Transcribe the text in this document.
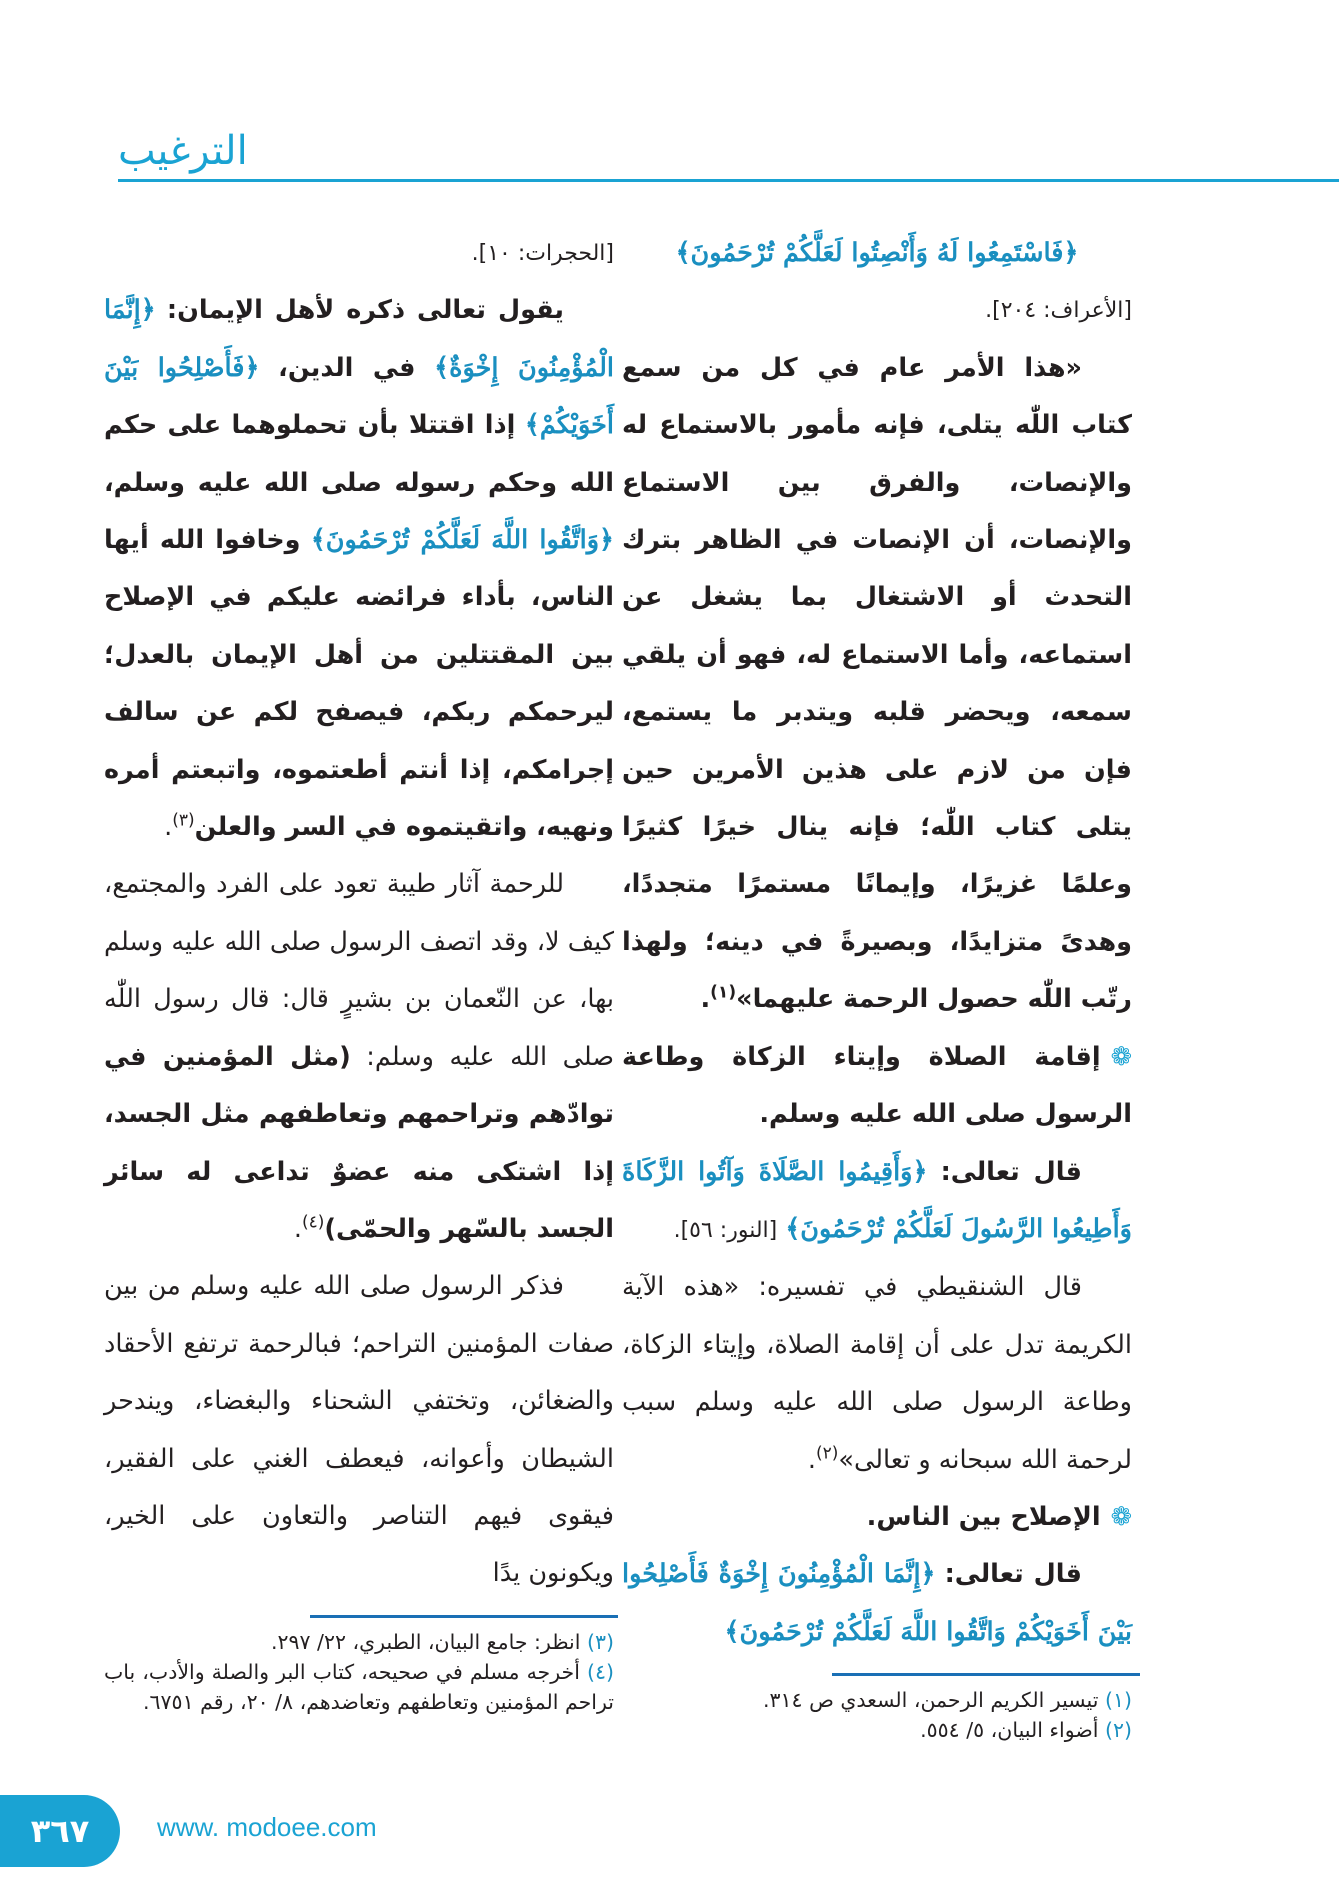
الترغيب

﴿فَاسْتَمِعُوا لَهُ وَأَنْصِتُوا لَعَلَّكُمْ تُرْحَمُونَ﴾

[الأعراف: ٢٠٤].

«هذا الأمر عام في كل من سمع كتاب اللّٰه يتلى، فإنه مأمور بالاستماع له والإنصات، والفرق بين الاستماع والإنصات، أن الإنصات في الظاهر بترك التحدث أو الاشتغال بما يشغل عن استماعه، وأما الاستماع له، فهو أن يلقي سمعه، ويحضر قلبه ويتدبر ما يستمع، فإن من لازم على هذين الأمرين حين يتلى كتاب اللّٰه؛ فإنه ينال خيرًا كثيرًا وعلمًا غزيرًا، وإيمانًا مستمرًا متجددًا، وهدىً متزايدًا، وبصيرةً في دينه؛ ولهذا رتّب اللّٰه حصول الرحمة عليهما»$^{(١)}$.

❁إقامة الصلاة وإيتاء الزكاة وطاعة الرسول صلى الله عليه وسلم.

قال تعالى: ﴿وَأَقِيمُوا الصَّلَاةَ وَآتُوا الزَّكَاةَ وَأَطِيعُوا الرَّسُولَ لَعَلَّكُمْ تُرْحَمُونَ﴾ [النور: ٥٦].

قال الشنقيطي في تفسيره: «هذه الآية الكريمة تدل على أن إقامة الصلاة، وإيتاء الزكاة، وطاعة الرسول صلى الله عليه وسلم سبب لرحمة الله سبحانه و تعالى»$^{(٢)}$.

❁الإصلاح بين الناس.

قال تعالى: ﴿إِنَّمَا الْمُؤْمِنُونَ إِخْوَةٌ فَأَصْلِحُوا بَيْنَ أَخَوَيْكُمْ وَاتَّقُوا اللَّهَ لَعَلَّكُمْ تُرْحَمُونَ﴾

[الحجرات: ١٠].

يقول تعالى ذكره لأهل الإيمان: ﴿إِنَّمَا الْمُؤْمِنُونَ إِخْوَةٌ﴾ في الدين، ﴿فَأَصْلِحُوا بَيْنَ أَخَوَيْكُمْ﴾ إذا اقتتلا بأن تحملوهما على حكم الله وحكم رسوله صلى الله عليه وسلم، ﴿وَاتَّقُوا اللَّهَ لَعَلَّكُمْ تُرْحَمُونَ﴾ وخافوا الله أيها الناس، بأداء فرائضه عليكم في الإصلاح بين المقتتلين من أهل الإيمان بالعدل؛ ليرحمكم ربكم، فيصفح لكم عن سالف إجرامكم، إذا أنتم أطعتموه، واتبعتم أمره ونهيه، واتقيتموه في السر والعلن$^{(٣)}$.

للرحمة آثار طيبة تعود على الفرد والمجتمع، كيف لا، وقد اتصف الرسول صلى الله عليه وسلم بها، عن النّعمان بن بشيرٍ قال: قال رسول اللّٰه صلى الله عليه وسلم: (مثل المؤمنين في توادّهم وتراحمهم وتعاطفهم مثل الجسد، إذا اشتكى منه عضوٌ تداعى له سائر الجسد بالسّهر والحمّى)$^{(٤)}$.

فذكر الرسول صلى الله عليه وسلم من بين صفات المؤمنين التراحم؛ فبالرحمة ترتفع الأحقاد والضغائن، وتختفي الشحناء والبغضاء، ويندحر الشيطان وأعوانه، فيعطف الغني على الفقير، فيقوى فيهم التناصر والتعاون على الخير، ويكونون يدًا

(١) تيسير الكريم الرحمن، السعدي ص ٣١٤.

(٢) أضواء البيان، ٥/ ٥٥٤.

(٣) انظر: جامع البيان، الطبري، ٢٢/ ٢٩٧.

(٤) أخرجه مسلم في صحيحه، كتاب البر والصلة والأدب، باب تراحم المؤمنين وتعاطفهم وتعاضدهم، ٨/ ٢٠، رقم ٦٧٥١.

٣٦٧	www. modoee.com
